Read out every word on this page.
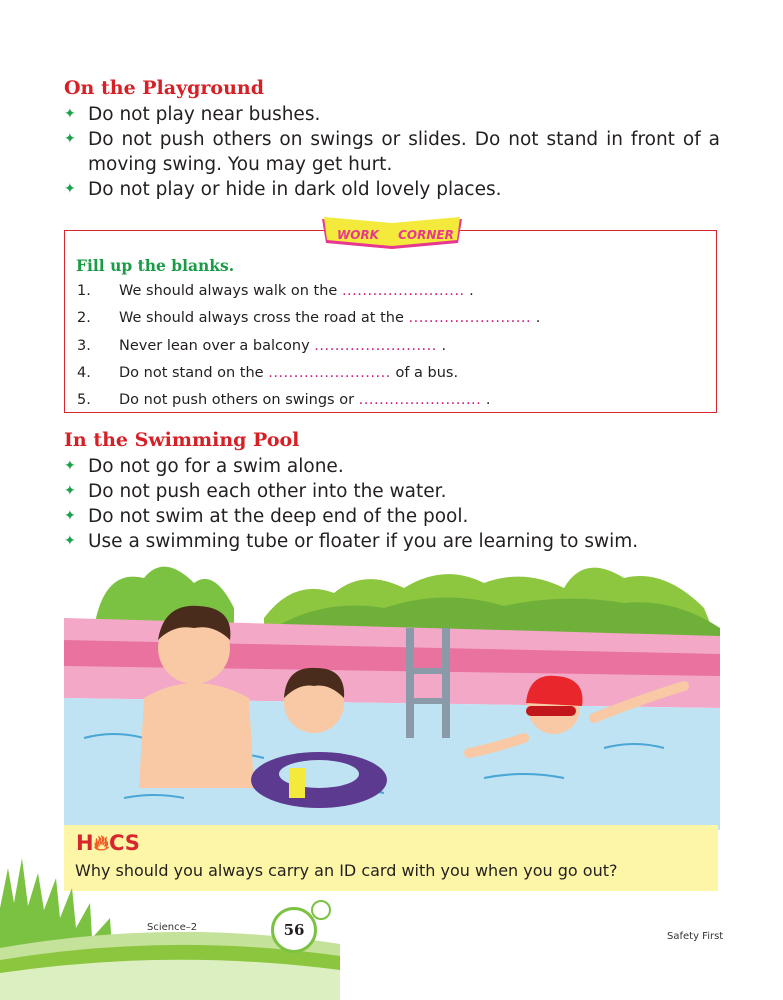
On the Playground
✦ Do not play near bushes.
✦ Do not push others on swings or slides. Do not stand in front of a moving swing. You may get hurt.
✦ Do not play or hide in dark old lovely places.
WORK CORNER
Fill up the blanks.
1.	We should always walk on the ........................ .
2.	We should always cross the road at the ........................ .
3.	Never lean over a balcony ........................ .
4.	Do not stand on the ........................ of a bus.
5.	Do not push others on swings or ........................ .
In the Swimming Pool
✦ Do not go for a swim alone.
✦ Do not push each other into the water.
✦ Do not swim at the deep end of the pool.
✦ Use a swimming tube or floater if you are learning to swim.
H🔥︎CS

Why should you always carry an ID card with you when you go out?

Science–2	56	Safety First
